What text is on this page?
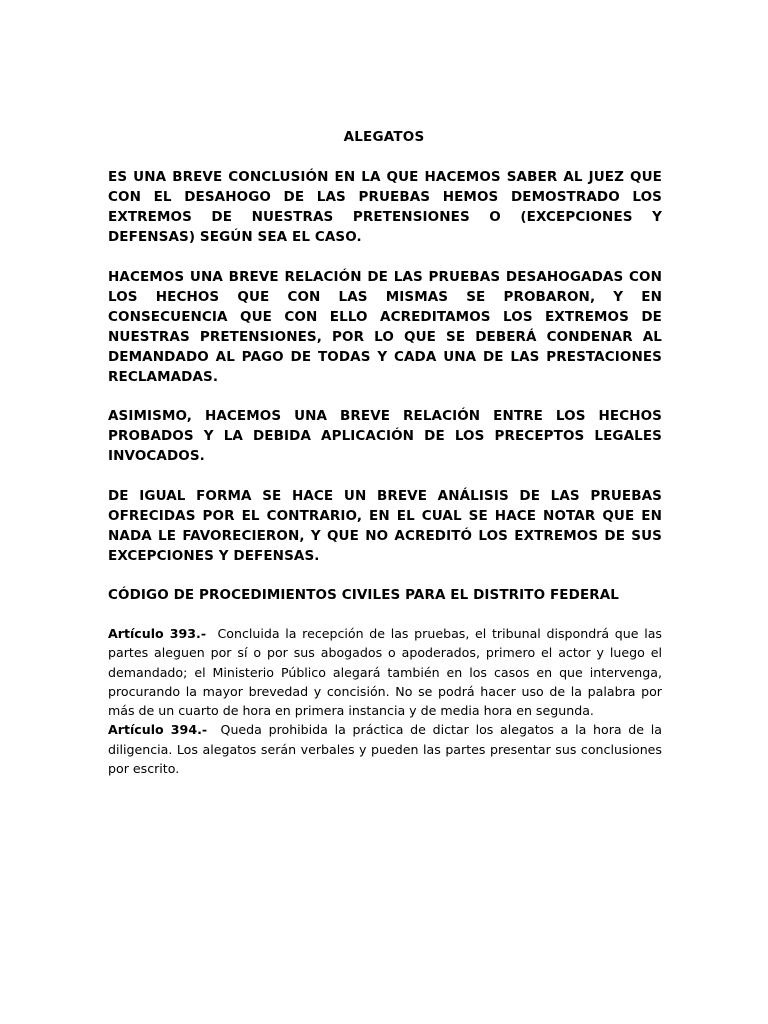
ALEGATOS
ES UNA BREVE CONCLUSIÓN EN LA QUE HACEMOS SABER AL JUEZ QUE CON EL DESAHOGO DE LAS PRUEBAS HEMOS DEMOSTRADO LOS EXTREMOS DE NUESTRAS PRETENSIONES O (EXCEPCIONES Y DEFENSAS) SEGÚN SEA EL CASO.
HACEMOS UNA BREVE RELACIÓN DE LAS PRUEBAS DESAHOGADAS CON LOS HECHOS QUE CON LAS MISMAS SE PROBARON, Y EN CONSECUENCIA QUE CON ELLO ACREDITAMOS LOS EXTREMOS DE NUESTRAS PRETENSIONES, POR LO QUE SE DEBERÁ CONDENAR AL DEMANDADO AL PAGO DE TODAS Y CADA UNA DE LAS PRESTACIONES RECLAMADAS.
ASIMISMO, HACEMOS UNA BREVE RELACIÓN ENTRE LOS HECHOS PROBADOS Y LA DEBIDA APLICACIÓN DE LOS PRECEPTOS LEGALES INVOCADOS.
DE IGUAL FORMA SE HACE UN BREVE ANÁLISIS DE LAS PRUEBAS OFRECIDAS POR EL CONTRARIO, EN EL CUAL SE HACE NOTAR QUE EN NADA LE FAVORECIERON, Y QUE NO ACREDITÓ LOS EXTREMOS DE SUS EXCEPCIONES Y DEFENSAS.
CÓDIGO DE PROCEDIMIENTOS CIVILES PARA EL DISTRITO FEDERAL

Artículo 393.- Concluida la recepción de las pruebas, el tribunal dispondrá que las partes aleguen por sí o por sus abogados o apoderados, primero el actor y luego el demandado; el Ministerio Público alegará también en los casos en que intervenga, procurando la mayor brevedad y concisión. No se podrá hacer uso de la palabra por más de un cuarto de hora en primera instancia y de media hora en segunda.

Artículo 394.- Queda prohibida la práctica de dictar los alegatos a la hora de la diligencia. Los alegatos serán verbales y pueden las partes presentar sus conclusiones por escrito.
